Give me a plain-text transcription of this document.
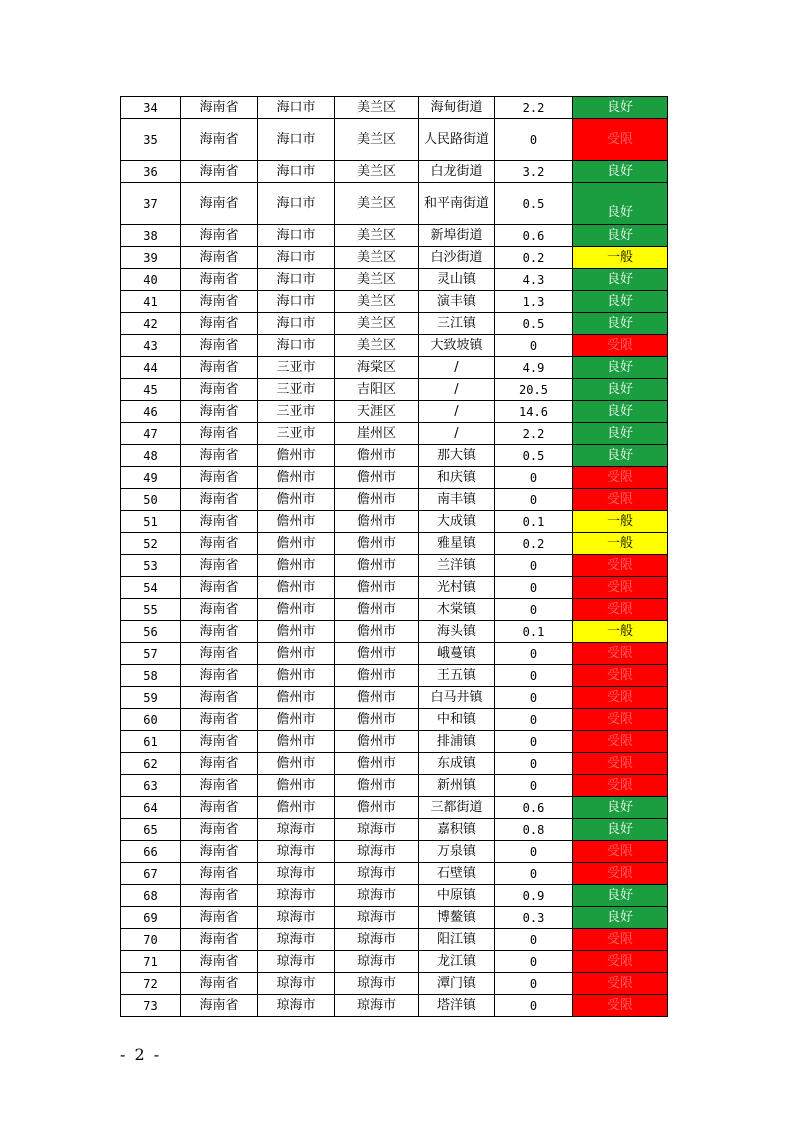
34	海南省	海口市	美兰区	海甸街道	2.2	良好
35	海南省	海口市	美兰区	人民路街道	0	受限
36	海南省	海口市	美兰区	白龙街道	3.2	良好
37	海南省	海口市	美兰区	和平南街道	0.5	良好
38	海南省	海口市	美兰区	新埠街道	0.6	良好
39	海南省	海口市	美兰区	白沙街道	0.2	一般
40	海南省	海口市	美兰区	灵山镇	4.3	良好
41	海南省	海口市	美兰区	演丰镇	1.3	良好
42	海南省	海口市	美兰区	三江镇	0.5	良好
43	海南省	海口市	美兰区	大致坡镇	0	受限
44	海南省	三亚市	海棠区	/	4.9	良好
45	海南省	三亚市	吉阳区	/	20.5	良好
46	海南省	三亚市	天涯区	/	14.6	良好
47	海南省	三亚市	崖州区	/	2.2	良好
48	海南省	儋州市	儋州市	那大镇	0.5	良好
49	海南省	儋州市	儋州市	和庆镇	0	受限
50	海南省	儋州市	儋州市	南丰镇	0	受限
51	海南省	儋州市	儋州市	大成镇	0.1	一般
52	海南省	儋州市	儋州市	雅星镇	0.2	一般
53	海南省	儋州市	儋州市	兰洋镇	0	受限
54	海南省	儋州市	儋州市	光村镇	0	受限
55	海南省	儋州市	儋州市	木棠镇	0	受限
56	海南省	儋州市	儋州市	海头镇	0.1	一般
57	海南省	儋州市	儋州市	峨蔓镇	0	受限
58	海南省	儋州市	儋州市	王五镇	0	受限
59	海南省	儋州市	儋州市	白马井镇	0	受限
60	海南省	儋州市	儋州市	中和镇	0	受限
61	海南省	儋州市	儋州市	排浦镇	0	受限
62	海南省	儋州市	儋州市	东成镇	0	受限
63	海南省	儋州市	儋州市	新州镇	0	受限
64	海南省	儋州市	儋州市	三都街道	0.6	良好
65	海南省	琼海市	琼海市	嘉积镇	0.8	良好
66	海南省	琼海市	琼海市	万泉镇	0	受限
67	海南省	琼海市	琼海市	石壁镇	0	受限
68	海南省	琼海市	琼海市	中原镇	0.9	良好
69	海南省	琼海市	琼海市	博鳌镇	0.3	良好
70	海南省	琼海市	琼海市	阳江镇	0	受限
71	海南省	琼海市	琼海市	龙江镇	0	受限
72	海南省	琼海市	琼海市	潭门镇	0	受限
73	海南省	琼海市	琼海市	塔洋镇	0	受限
- 2 -
